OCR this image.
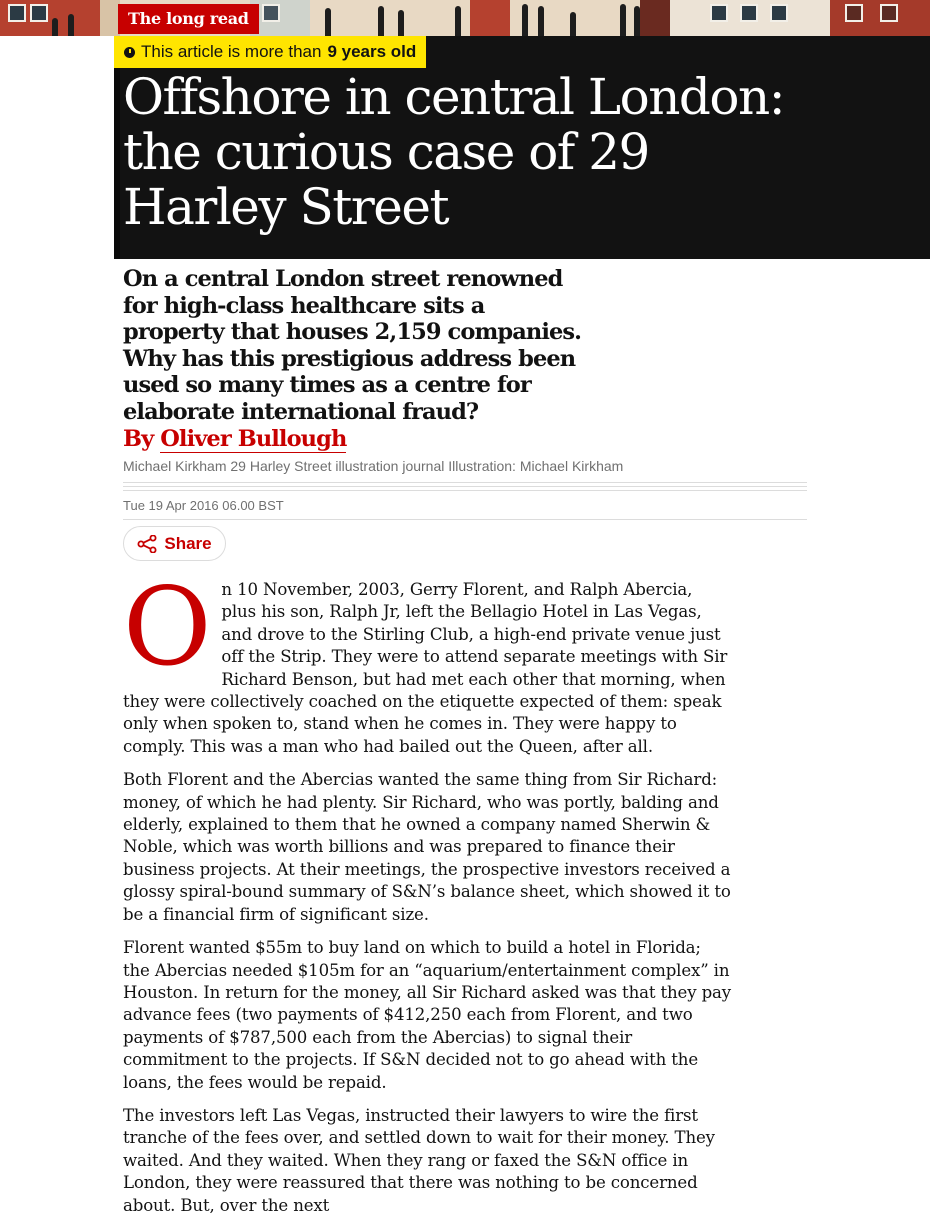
The long read
This article is more than 9 years old
Offshore in central London: the curious case of 29 Harley Street

On a central London street renowned for high-class healthcare sits a property that houses 2,159 companies. Why has this prestigious address been used so many times as a centre for elaborate international fraud?

By Oliver Bullough

Michael Kirkham 29 Harley Street illustration journal Illustration: Michael Kirkham
Tue 19 Apr 2016 06.00 BST
Share

On 10 November, 2003, Gerry Florent, and Ralph Abercia, plus his son, Ralph Jr, left the Bellagio Hotel in Las Vegas, and drove to the Stirling Club, a high-end private venue just off the Strip. They were to attend separate meetings with Sir Richard Benson, but had met each other that morning, when they were collectively coached on the etiquette expected of them: speak only when spoken to, stand when he comes in. They were happy to comply. This was a man who had bailed out the Queen, after all.

Both Florent and the Abercias wanted the same thing from Sir Richard: money, of which he had plenty. Sir Richard, who was portly, balding and elderly, explained to them that he owned a company named Sherwin & Noble, which was worth billions and was prepared to finance their business projects. At their meetings, the prospective investors received a glossy spiral-bound summary of S&N’s balance sheet, which showed it to be a financial firm of significant size.

Florent wanted $55m to buy land on which to build a hotel in Florida; the Abercias needed $105m for an “aquarium/entertainment complex” in Houston. In return for the money, all Sir Richard asked was that they pay advance fees (two payments of $412,250 each from Florent, and two payments of $787,500 each from the Abercias) to signal their commitment to the projects. If S&N decided not to go ahead with the loans, the fees would be repaid.

The investors left Las Vegas, instructed their lawyers to wire the first tranche of the fees over, and settled down to wait for their money. They waited. And they waited. When they rang or faxed the S&N office in London, they were reassured that there was nothing to be concerned about. But, over the next
